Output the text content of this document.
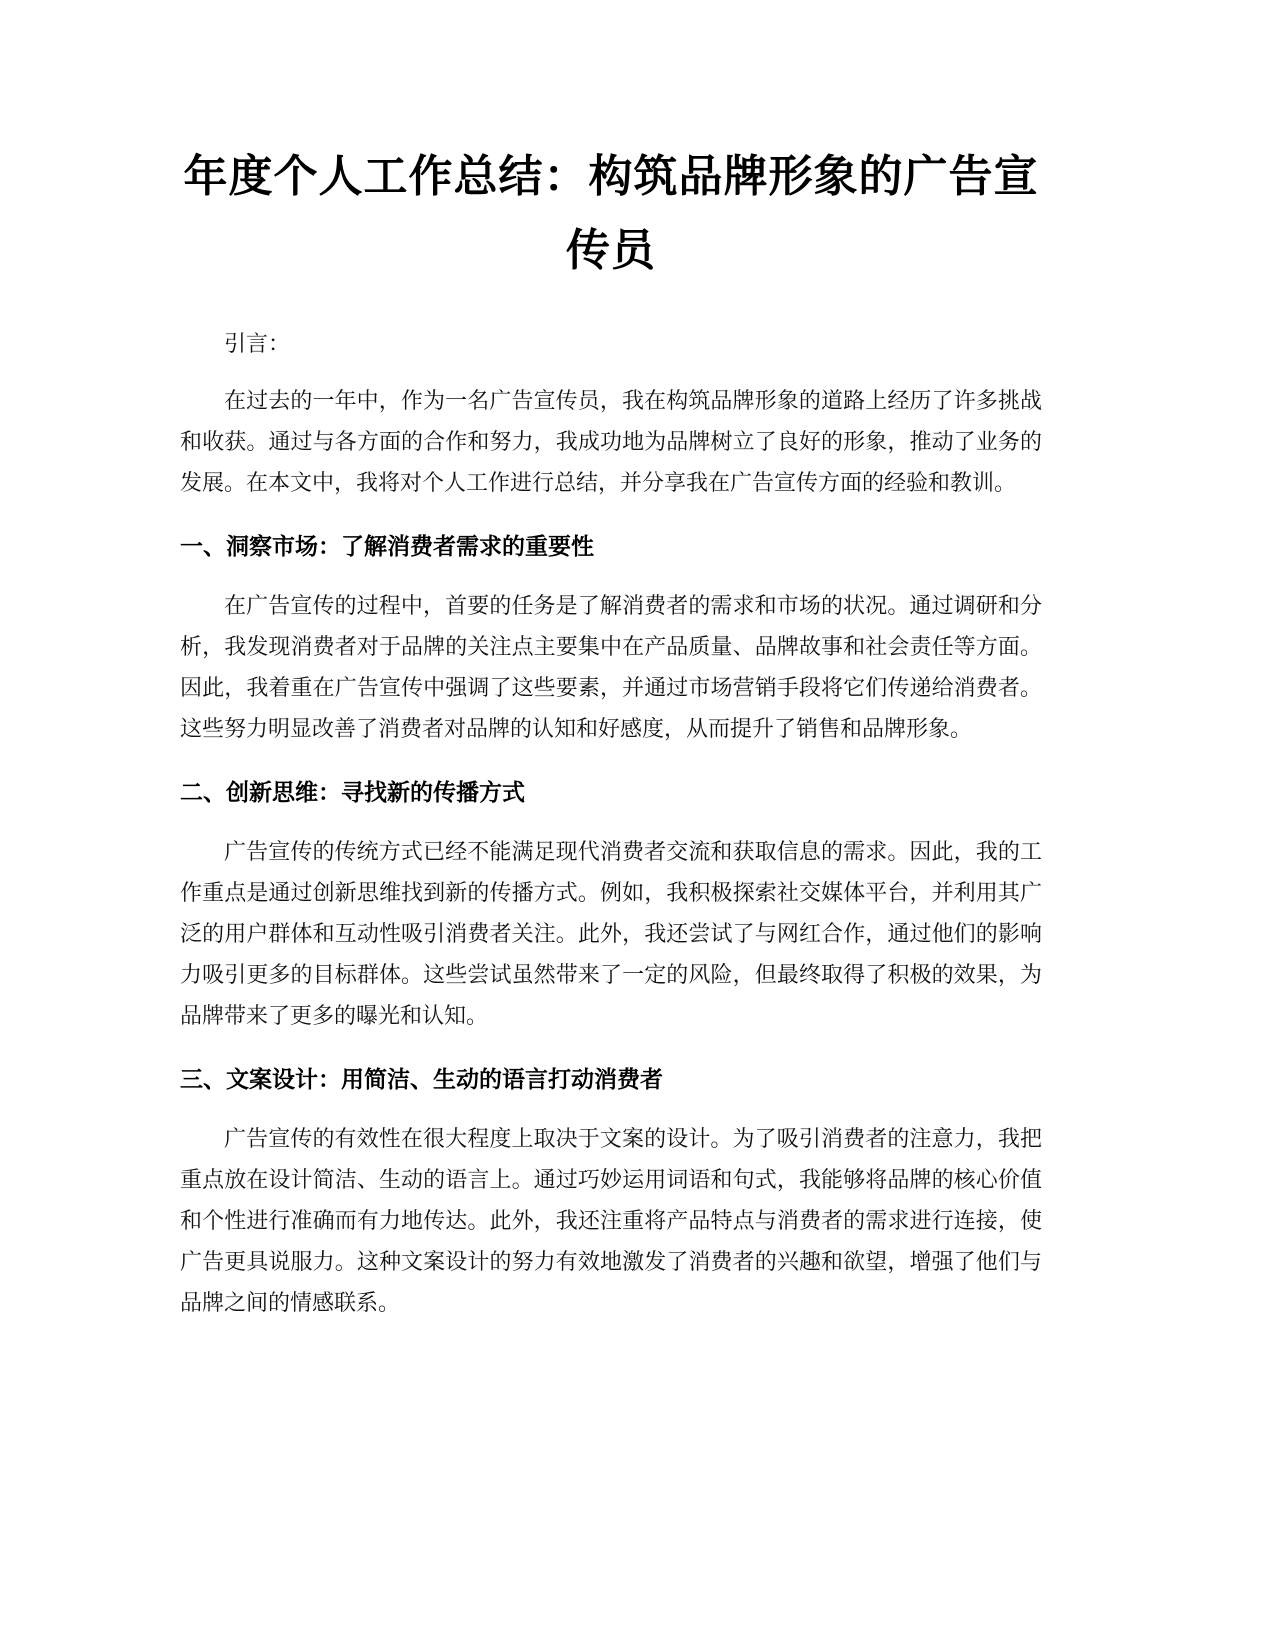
年度个人工作总结：构筑品牌形象的广告宣传员

引言：

在过去的一年中，作为一名广告宣传员，我在构筑品牌形象的道路上经历了许多挑战和收获。通过与各方面的合作和努力，我成功地为品牌树立了良好的形象，推动了业务的发展。在本文中，我将对个人工作进行总结，并分享我在广告宣传方面的经验和教训。

一、洞察市场：了解消费者需求的重要性

在广告宣传的过程中，首要的任务是了解消费者的需求和市场的状况。通过调研和分析，我发现消费者对于品牌的关注点主要集中在产品质量、品牌故事和社会责任等方面。因此，我着重在广告宣传中强调了这些要素，并通过市场营销手段将它们传递给消费者。这些努力明显改善了消费者对品牌的认知和好感度，从而提升了销售和品牌形象。

二、创新思维：寻找新的传播方式

广告宣传的传统方式已经不能满足现代消费者交流和获取信息的需求。因此，我的工作重点是通过创新思维找到新的传播方式。例如，我积极探索社交媒体平台，并利用其广泛的用户群体和互动性吸引消费者关注。此外，我还尝试了与网红合作，通过他们的影响力吸引更多的目标群体。这些尝试虽然带来了一定的风险，但最终取得了积极的效果，为品牌带来了更多的曝光和认知。

三、文案设计：用简洁、生动的语言打动消费者

广告宣传的有效性在很大程度上取决于文案的设计。为了吸引消费者的注意力，我把重点放在设计简洁、生动的语言上。通过巧妙运用词语和句式，我能够将品牌的核心价值和个性进行准确而有力地传达。此外，我还注重将产品特点与消费者的需求进行连接，使广告更具说服力。这种文案设计的努力有效地激发了消费者的兴趣和欲望，增强了他们与品牌之间的情感联系。
